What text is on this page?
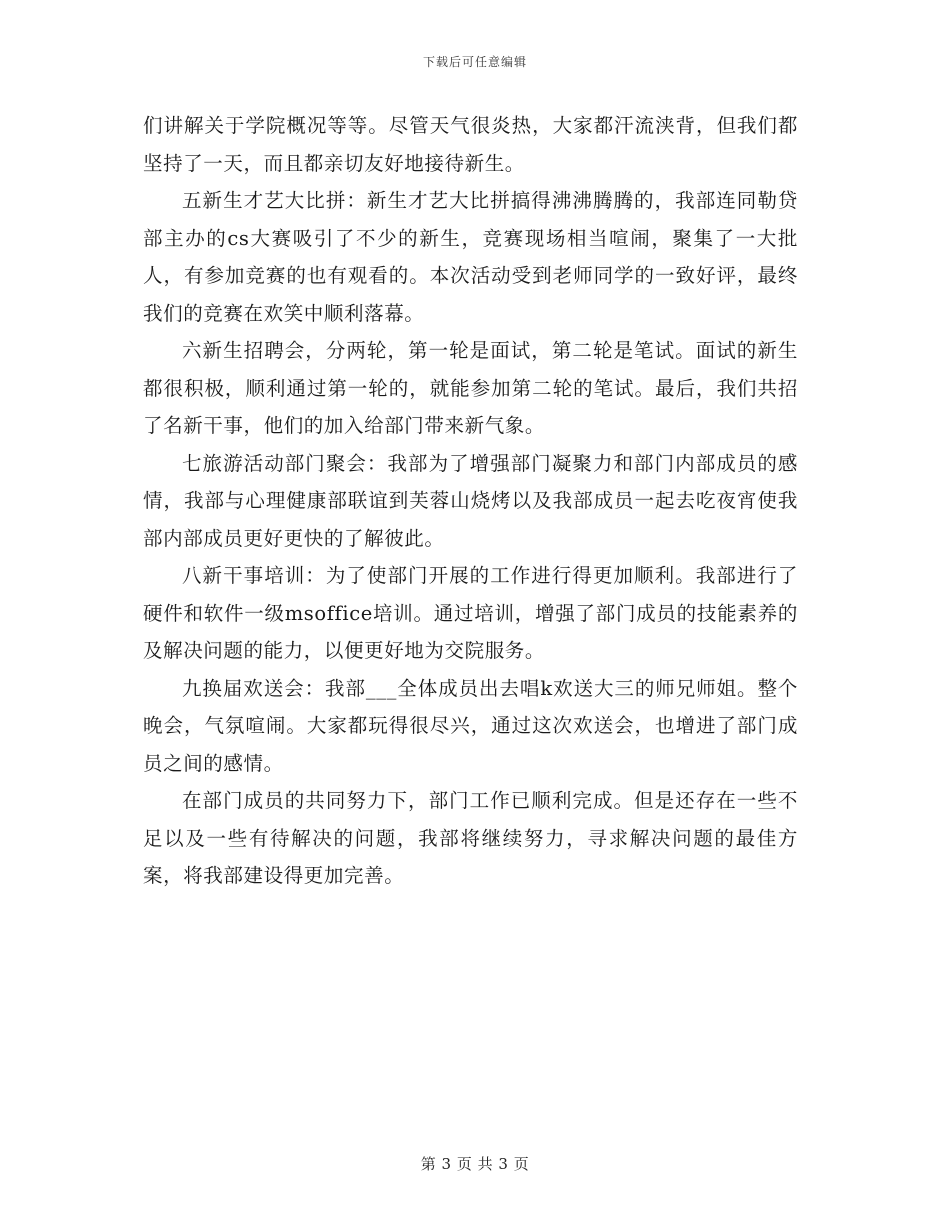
下载后可任意编辑

们讲解关于学院概况等等。尽管天气很炎热，大家都汗流浃背，但我们都坚持了一天，而且都亲切友好地接待新生。

五新生才艺大比拼：新生才艺大比拼搞得沸沸腾腾的，我部连同勒贷部主办的cs大赛吸引了不少的新生，竞赛现场相当喧闹，聚集了一大批人，有参加竞赛的也有观看的。本次活动受到老师同学的一致好评，最终我们的竞赛在欢笑中顺利落幕。

六新生招聘会，分两轮，第一轮是面试，第二轮是笔试。面试的新生都很积极，顺利通过第一轮的，就能参加第二轮的笔试。最后，我们共招了名新干事，他们的加入给部门带来新气象。

七旅游活动部门聚会：我部为了增强部门凝聚力和部门内部成员的感情，我部与心理健康部联谊到芙蓉山烧烤以及我部成员一起去吃夜宵使我部内部成员更好更快的了解彼此。

八新干事培训：为了使部门开展的工作进行得更加顺利。我部进行了硬件和软件一级msoffice培训。通过培训，增强了部门成员的技能素养的及解决问题的能力，以便更好地为交院服务。

九换届欢送会：我部___全体成员出去唱k欢送大三的师兄师姐。整个晚会，气氛喧闹。大家都玩得很尽兴，通过这次欢送会，也增进了部门成员之间的感情。

在部门成员的共同努力下，部门工作已顺利完成。但是还存在一些不足以及一些有待解决的问题，我部将继续努力，寻求解决问题的最佳方案，将我部建设得更加完善。

第 3 页 共 3 页
